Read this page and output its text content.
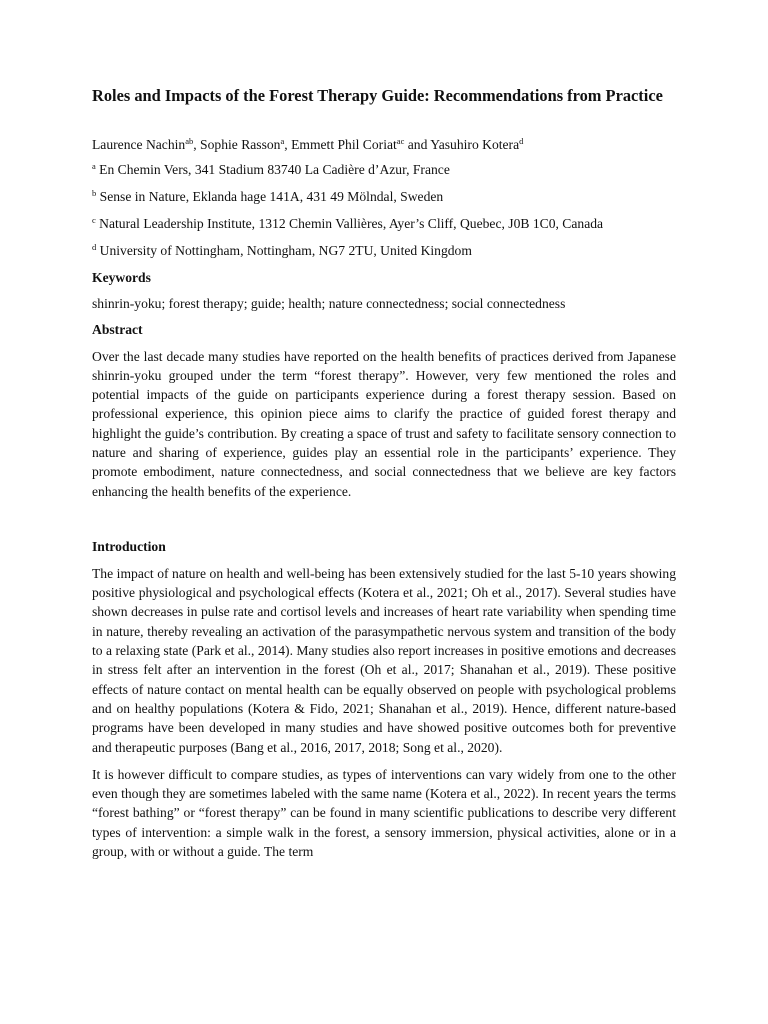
Roles and Impacts of the Forest Therapy Guide: Recommendations from Practice
Laurence Nachin$^{ab}$, Sophie Rasson$^a$, Emmett Phil Coriat$^{ac}$ and Yasuhiro Kotera$^d$
$^a$ En Chemin Vers, 341 Stadium 83740 La Cadière d’Azur, France
$^b$ Sense in Nature, Eklanda hage 141A, 431 49 Mölndal, Sweden
$^c$ Natural Leadership Institute, 1312 Chemin Vallières, Ayer’s Cliff, Quebec, J0B 1C0, Canada
$^d$ University of Nottingham, Nottingham, NG7 2TU, United Kingdom
Keywords
shinrin-yoku; forest therapy; guide; health; nature connectedness; social connectedness
Abstract
Over the last decade many studies have reported on the health benefits of practices derived from Japanese shinrin-yoku grouped under the term “forest therapy”. However, very few mentioned the roles and potential impacts of the guide on participants experience during a forest therapy session. Based on professional experience, this opinion piece aims to clarify the practice of guided forest therapy and highlight the guide’s contribution. By creating a space of trust and safety to facilitate sensory connection to nature and sharing of experience, guides play an essential role in the participants’ experience. They promote embodiment, nature connectedness, and social connectedness that we believe are key factors enhancing the health benefits of the experience.
Introduction
The impact of nature on health and well-being has been extensively studied for the last 5-10 years showing positive physiological and psychological effects (Kotera et al., 2021; Oh et al., 2017). Several studies have shown decreases in pulse rate and cortisol levels and increases of heart rate variability when spending time in nature, thereby revealing an activation of the parasympathetic nervous system and transition of the body to a relaxing state (Park et al., 2014). Many studies also report increases in positive emotions and decreases in stress felt after an intervention in the forest (Oh et al., 2017; Shanahan et al., 2019). These positive effects of nature contact on mental health can be equally observed on people with psychological problems and on healthy populations (Kotera & Fido, 2021; Shanahan et al., 2019). Hence, different nature-based programs have been developed in many studies and have showed positive outcomes both for preventive and therapeutic purposes (Bang et al., 2016, 2017, 2018; Song et al., 2020).
It is however difficult to compare studies, as types of interventions can vary widely from one to the other even though they are sometimes labeled with the same name (Kotera et al., 2022). In recent years the terms “forest bathing” or “forest therapy” can be found in many scientific publications to describe very different types of intervention: a simple walk in the forest, a sensory immersion, physical activities, alone or in a group, with or without a guide. The term
